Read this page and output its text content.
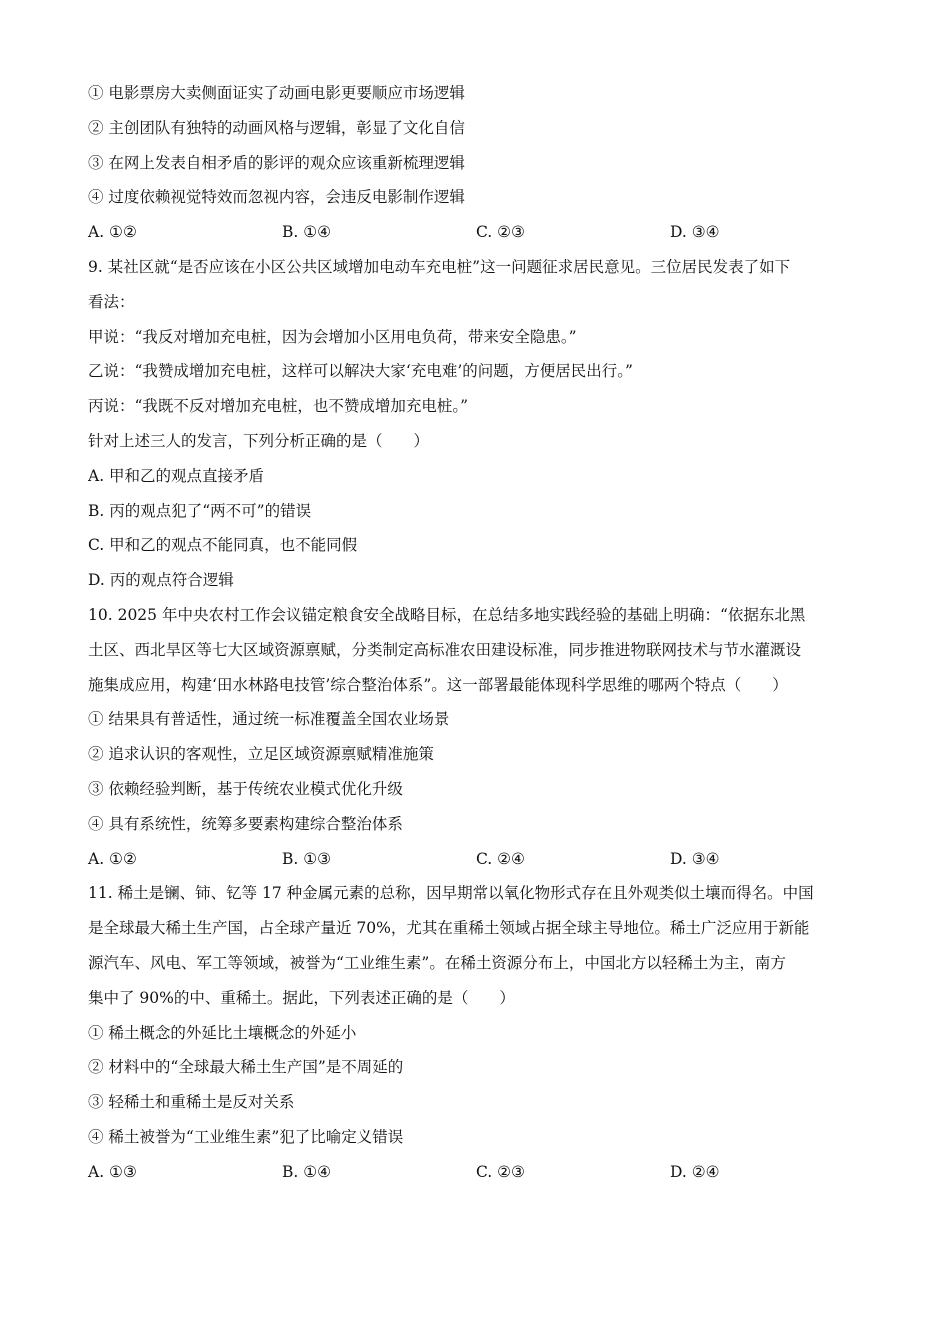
① 电影票房大卖侧面证实了动画电影更要顺应市场逻辑
② 主创团队有独特的动画风格与逻辑，彰显了文化自信
③ 在网上发表自相矛盾的影评的观众应该重新梳理逻辑
④ 过度依赖视觉特效而忽视内容，会违反电影制作逻辑
A. ①②	B. ①④	C. ②③	D. ③④
9. 某社区就“是否应该在小区公共区域增加电动车充电桩”这一问题征求居民意见。三位居民发表了如下
看法：
甲说：“我反对增加充电桩，因为会增加小区用电负荷，带来安全隐患。”
乙说：“我赞成增加充电桩，这样可以解决大家‘充电难’的问题，方便居民出行。”
丙说：“我既不反对增加充电桩，也不赞成增加充电桩。”
针对上述三人的发言，下列分析正确的是（　　）
A. 甲和乙的观点直接矛盾
B. 丙的观点犯了“两不可”的错误
C. 甲和乙的观点不能同真，也不能同假
D. 丙的观点符合逻辑
10. 2025 年中央农村工作会议锚定粮食安全战略目标，在总结多地实践经验的基础上明确：“依据东北黑
土区、西北旱区等七大区域资源禀赋，分类制定高标准农田建设标准，同步推进物联网技术与节水灌溉设
施集成应用，构建‘田水林路电技管’综合整治体系”。这一部署最能体现科学思维的哪两个特点（　　）
① 结果具有普适性，通过统一标准覆盖全国农业场景
② 追求认识的客观性，立足区域资源禀赋精准施策
③ 依赖经验判断，基于传统农业模式优化升级
④ 具有系统性，统筹多要素构建综合整治体系
A. ①②	B. ①③	C. ②④	D. ③④
11. 稀土是镧、铈、钇等 17 种金属元素的总称，因早期常以氧化物形式存在且外观类似土壤而得名。中国
是全球最大稀土生产国，占全球产量近 70%，尤其在重稀土领域占据全球主导地位。稀土广泛应用于新能
源汽车、风电、军工等领域，被誉为“工业维生素”。在稀土资源分布上，中国北方以轻稀土为主，南方
集中了 90%的中、重稀土。据此，下列表述正确的是（　　）
① 稀土概念的外延比土壤概念的外延小
② 材料中的“全球最大稀土生产国”是不周延的
③ 轻稀土和重稀土是反对关系
④ 稀土被誉为“工业维生素”犯了比喻定义错误
A. ①③	B. ①④	C. ②③	D. ②④
